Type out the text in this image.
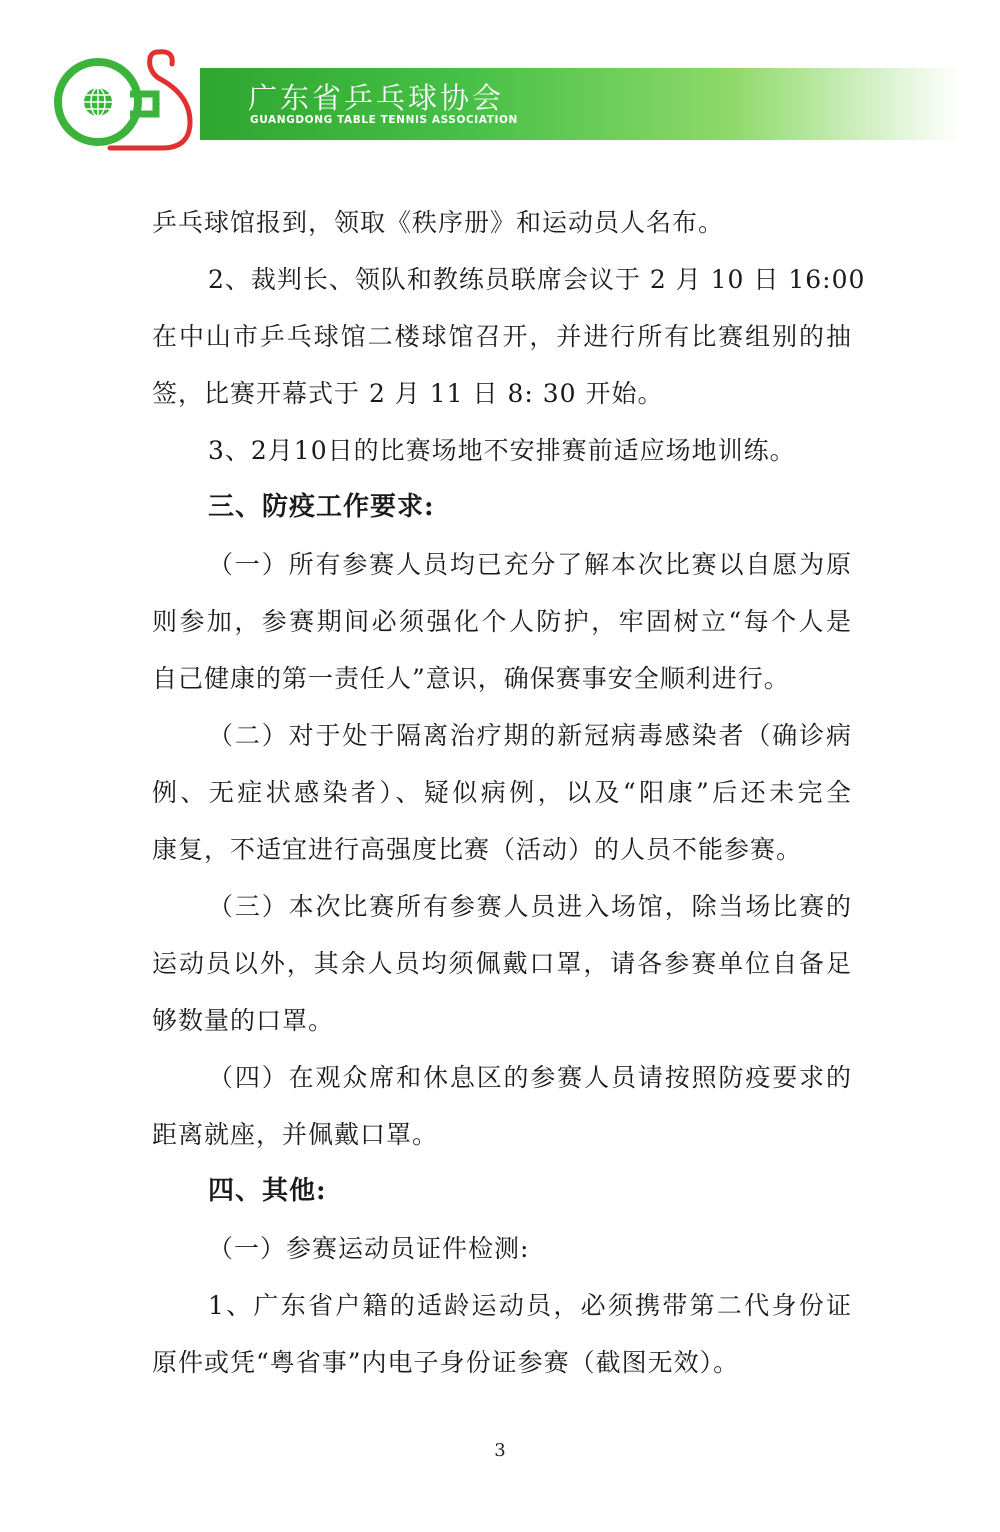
广东省乒乓球协会
GUANGDONG TABLE TENNIS ASSOCIATION
乒乓球馆报到，领取《秩序册》和运动员人名布。
2、裁判长、领队和教练员联席会议于 2 月 10 日 16:00
在中山市乒乓球馆二楼球馆召开，并进行所有比赛组别的抽
签，比赛开幕式于 2 月 11 日 8: 30 开始。
3、2月10日的比赛场地不安排赛前适应场地训练。
三、防疫工作要求:
（一）所有参赛人员均已充分了解本次比赛以自愿为原
则参加，参赛期间必须强化个人防护，牢固树立“每个人是
自己健康的第一责任人”意识，确保赛事安全顺利进行。
（二）对于处于隔离治疗期的新冠病毒感染者（确诊病
例、无症状感染者）、疑似病例，以及“阳康”后还未完全
康复，不适宜进行高强度比赛（活动）的人员不能参赛。
（三）本次比赛所有参赛人员进入场馆，除当场比赛的
运动员以外，其余人员均须佩戴口罩，请各参赛单位自备足
够数量的口罩。
（四）在观众席和休息区的参赛人员请按照防疫要求的
距离就座，并佩戴口罩。
四、其他:
（一）参赛运动员证件检测:
1、广东省户籍的适龄运动员，必须携带第二代身份证
原件或凭“粤省事”内电子身份证参赛（截图无效）。
3
